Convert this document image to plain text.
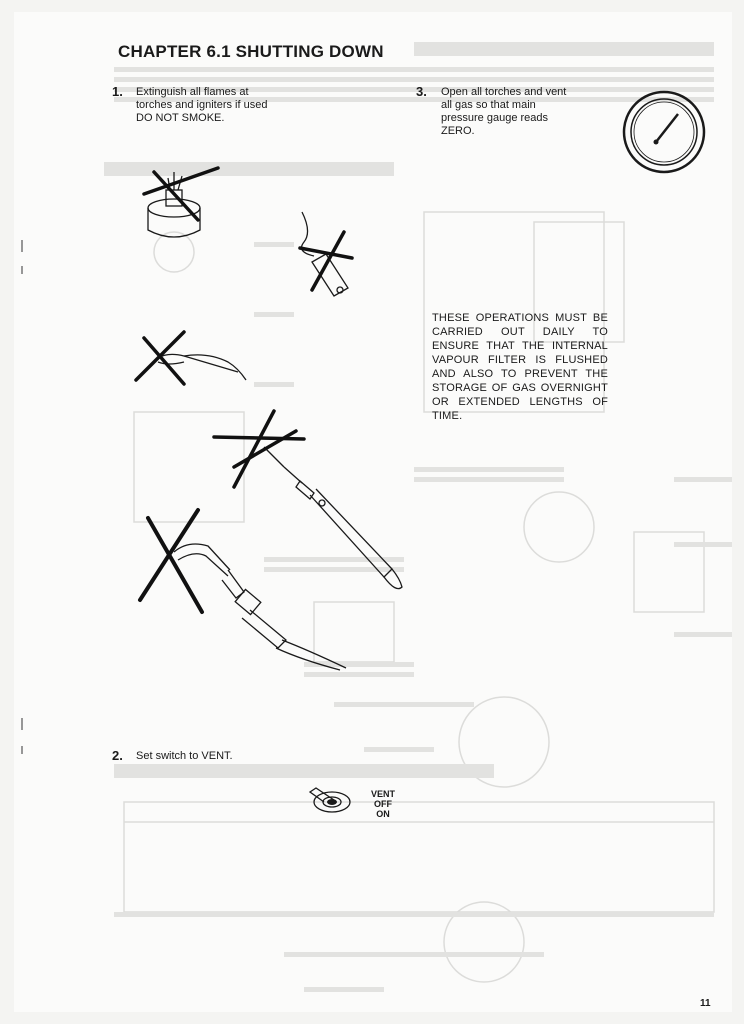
CHAPTER 6.1 SHUTTING DOWN
1. Extinguish all flames at
torches and igniters if used
DO NOT SMOKE.
3. Open all torches and vent
all gas so that main
pressure gauge reads
ZERO.
THESE OPERATIONS MUST BE CARRIED OUT DAILY TO ENSURE THAT THE INTERNAL VAPOUR FILTER IS FLUSHED AND ALSO TO PREVENT THE STORAGE OF GAS OVERNIGHT OR EXTENDED LENGTHS OF TIME.
2. Set switch to VENT.
VENT
OFF
ON
11
